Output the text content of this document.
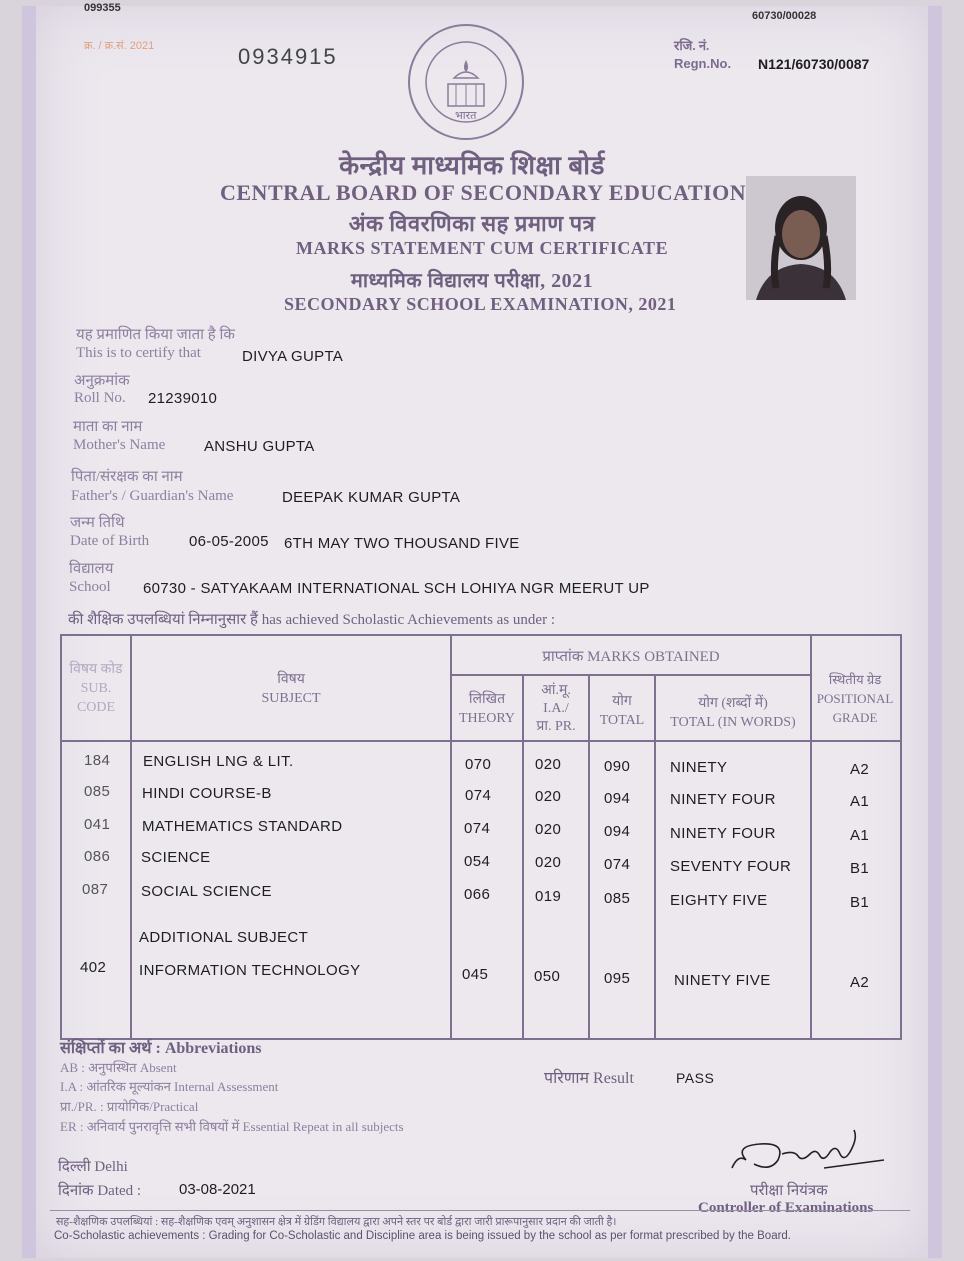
099355
60730/00028
क्र. / क्र.सं. 2021	0934915
भारत
रजि. नं.
Regn.No. N121/60730/0087
केन्द्रीय माध्यमिक शिक्षा बोर्ड
CENTRAL BOARD OF SECONDARY EDUCATION
अंक विवरणिका सह प्रमाण पत्र
MARKS STATEMENT CUM CERTIFICATE
माध्यमिक विद्यालय परीक्षा, 2021
SECONDARY SCHOOL EXAMINATION, 2021
यह प्रमाणित किया जाता है कि
This is to certify that	DIVYA GUPTA
अनुक्रमांक
Roll No. 21239010
माता का नाम
Mother's Name	ANSHU GUPTA
पिता/संरक्षक का नाम
Father's / Guardian's Name	DEEPAK KUMAR GUPTA
जन्म तिथि
Date of Birth	06-05-2005 6TH MAY TWO THOUSAND FIVE
विद्यालय
School 60730 - SATYAKAAM INTERNATIONAL SCH LOHIYA NGR MEERUT UP
की शैक्षिक उपलब्धियां निम्नानुसार हैं has achieved Scholastic Achievements as under :
विषय कोड
SUB.
CODE
विषय
SUBJECT
प्राप्तांक MARKS OBTAINED
लिखित
THEORY
आं.मू.
I.A./
प्रा. PR.
योग
TOTAL
योग (शब्दों में)
TOTAL (IN WORDS)
स्थितीय ग्रेड
POSITIONAL
GRADE
184 ENGLISH LNG & LIT.	070	020	090	NINETY	A2
085 HINDI COURSE-B	074	020	094	NINETY FOUR	A1
041 MATHEMATICS STANDARD	074	020	094	NINETY FOUR	A1
086 SCIENCE	054	020	074	SEVENTY FOUR	B1
087 SOCIAL SCIENCE	066	019	085	EIGHTY FIVE	B1
ADDITIONAL SUBJECT
402 INFORMATION TECHNOLOGY	045	050	095	NINETY FIVE	A2
संक्षिप्तों का अर्थ : Abbreviations
AB : अनुपस्थित Absent
I.A : आंतरिक मूल्यांकन Internal Assessment
प्रा./PR. : प्रायोगिक/Practical
ER : अनिवार्य पुनरावृत्ति सभी विषयों में Essential Repeat in all subjects
परिणाम Result	PASS
दिल्ली Delhi
दिनांक Dated :	03-08-2021	परीक्षा नियंत्रक
Controller of Examinations
सह-शैक्षणिक उपलब्धियां : सह-शैक्षणिक एवम् अनुशासन क्षेत्र में ग्रेडिंग विद्यालय द्वारा अपने स्तर पर बोर्ड द्वारा जारी प्रारूपानुसार प्रदान की जाती है।
Co-Scholastic achievements : Grading for Co-Scholastic and Discipline area is being issued by the school as per format prescribed by the Board.
